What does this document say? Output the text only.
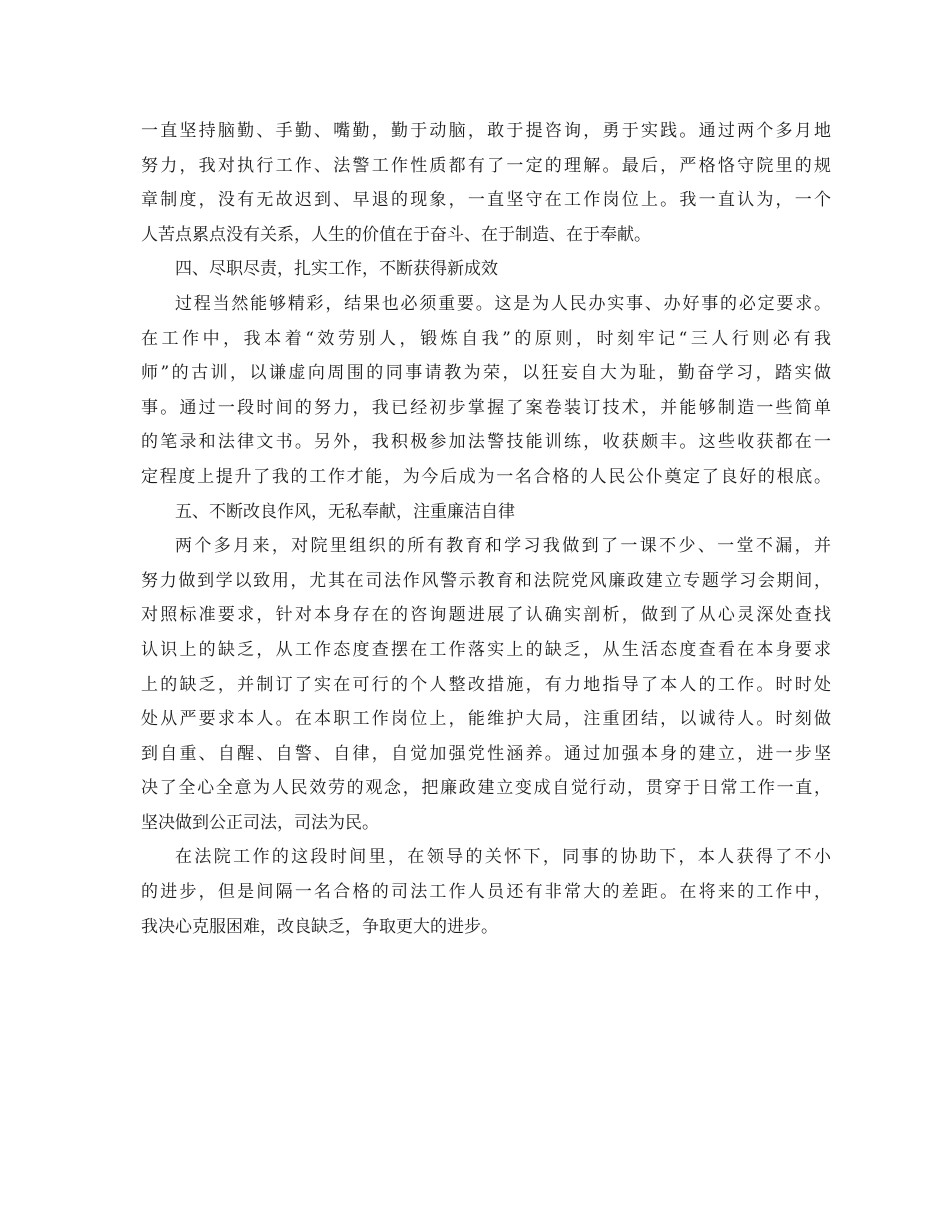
一直坚持脑勤、手勤、嘴勤，勤于动脑，敢于提咨询，勇于实践。通过两个多月地
努力，我对执行工作、法警工作性质都有了一定的理解。最后，严格恪守院里的规
章制度，没有无故迟到、早退的现象，一直坚守在工作岗位上。我一直认为，一个
人苦点累点没有关系，人生的价值在于奋斗、在于制造、在于奉献。
四、尽职尽责，扎实工作，不断获得新成效
过程当然能够精彩，结果也必须重要。这是为人民办实事、办好事的必定要求。
在工作中，我本着“效劳别人，锻炼自我”的原则，时刻牢记“三人行则必有我
师”的古训，以谦虚向周围的同事请教为荣，以狂妄自大为耻，勤奋学习，踏实做
事。通过一段时间的努力，我已经初步掌握了案卷装订技术，并能够制造一些简单
的笔录和法律文书。另外，我积极参加法警技能训练，收获颇丰。这些收获都在一
定程度上提升了我的工作才能，为今后成为一名合格的人民公仆奠定了良好的根底。
五、不断改良作风，无私奉献，注重廉洁自律
两个多月来，对院里组织的所有教育和学习我做到了一课不少、一堂不漏，并
努力做到学以致用，尤其在司法作风警示教育和法院党风廉政建立专题学习会期间，
对照标准要求，针对本身存在的咨询题进展了认确实剖析，做到了从心灵深处查找
认识上的缺乏，从工作态度查摆在工作落实上的缺乏，从生活态度查看在本身要求
上的缺乏，并制订了实在可行的个人整改措施，有力地指导了本人的工作。时时处
处从严要求本人。在本职工作岗位上，能维护大局，注重团结，以诚待人。时刻做
到自重、自醒、自警、自律，自觉加强党性涵养。通过加强本身的建立，进一步坚
决了全心全意为人民效劳的观念，把廉政建立变成自觉行动，贯穿于日常工作一直，
坚决做到公正司法，司法为民。
在法院工作的这段时间里，在领导的关怀下，同事的协助下，本人获得了不小
的进步，但是间隔一名合格的司法工作人员还有非常大的差距。在将来的工作中，
我决心克服困难，改良缺乏，争取更大的进步。
